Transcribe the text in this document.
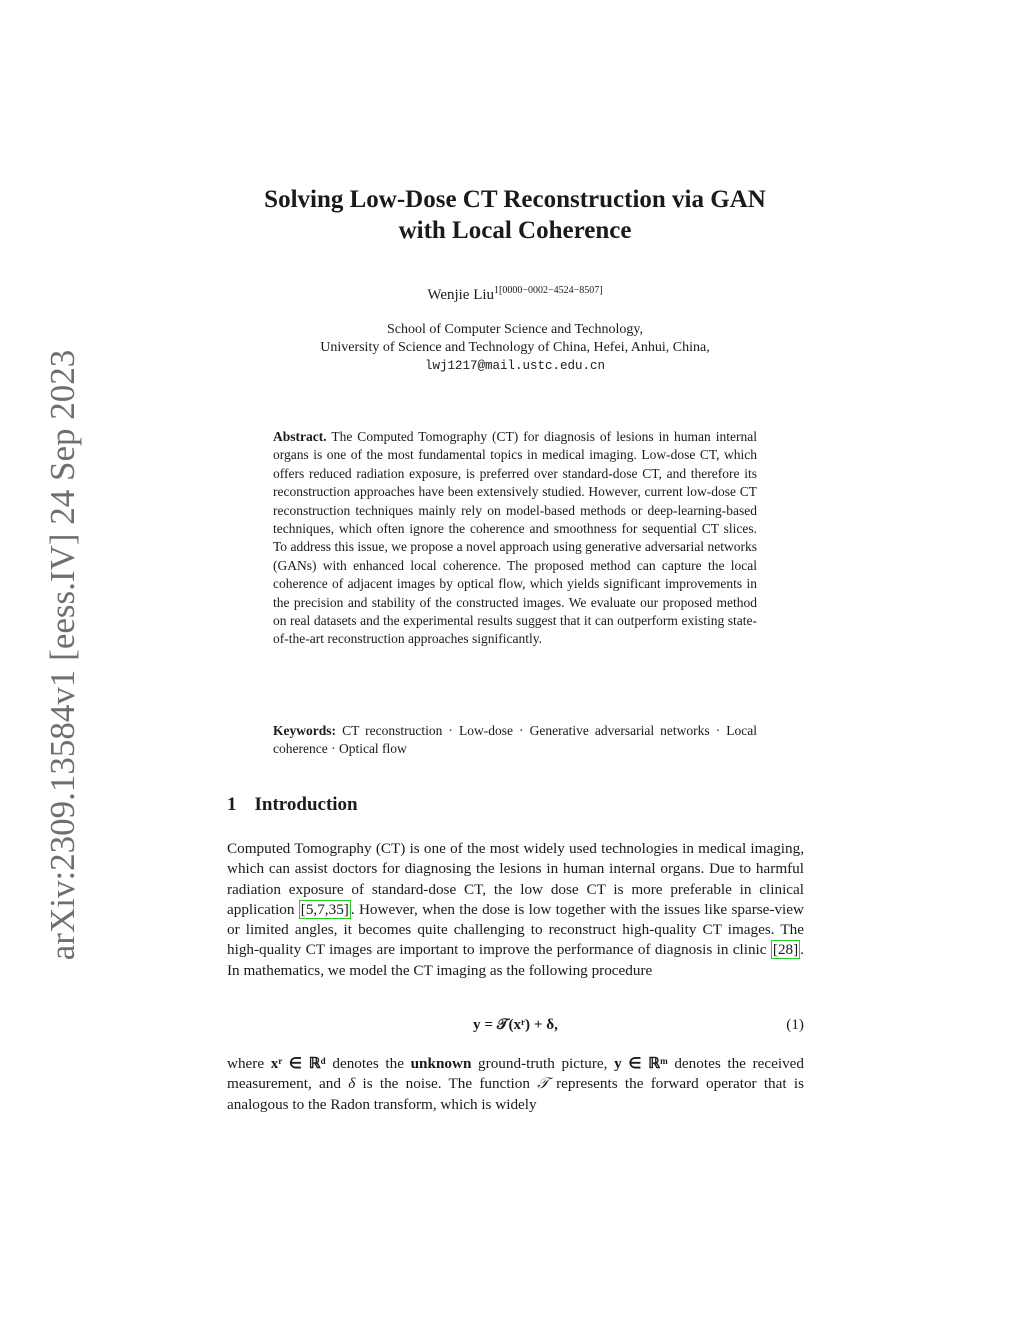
arXiv:2309.13584v1 [eess.IV] 24 Sep 2023
Solving Low-Dose CT Reconstruction via GAN
with Local Coherence
Wenjie Liu$^{1[0000-0002-4524-8507]}$
School of Computer Science and Technology,
University of Science and Technology of China, Hefei, Anhui, China,
lwj1217@mail.ustc.edu.cn

Abstract. The Computed Tomography (CT) for diagnosis of lesions in human internal organs is one of the most fundamental topics in medical imaging. Low-dose CT, which offers reduced radiation exposure, is preferred over standard-dose CT, and therefore its reconstruction approaches have been extensively studied. However, current low-dose CT reconstruction techniques mainly rely on model-based methods or deep-learning-based techniques, which often ignore the coherence and smoothness for sequential CT slices. To address this issue, we propose a novel approach using generative adversarial networks (GANs) with enhanced local coherence. The proposed method can capture the local coherence of adjacent images by optical flow, which yields significant improvements in the precision and stability of the constructed images. We evaluate our proposed method on real datasets and the experimental results suggest that it can outperform existing state-of-the-art reconstruction approaches significantly.

Keywords: CT reconstruction · Low-dose · Generative adversarial networks · Local coherence · Optical flow

1 Introduction

Computed Tomography (CT) is one of the most widely used technologies in medical imaging, which can assist doctors for diagnosing the lesions in human internal organs. Due to harmful radiation exposure of standard-dose CT, the low dose CT is more preferable in clinical application [5,7,35] . However, when the dose is low together with the issues like sparse-view or limited angles, it becomes quite challenging to reconstruct high-quality CT images. The high-quality CT images are important to improve the performance of diagnosis in clinic [28] . In mathematics, we model the CT imaging as the following procedure

y = 𝒯(xʳ) + δ,	(1)

where xʳ ∈ ℝᵈ denotes the unknown ground-truth picture, y ∈ ℝᵐ denotes the received measurement, and δ is the noise. The function 𝒯 represents the forward operator that is analogous to the Radon transform, which is widely
